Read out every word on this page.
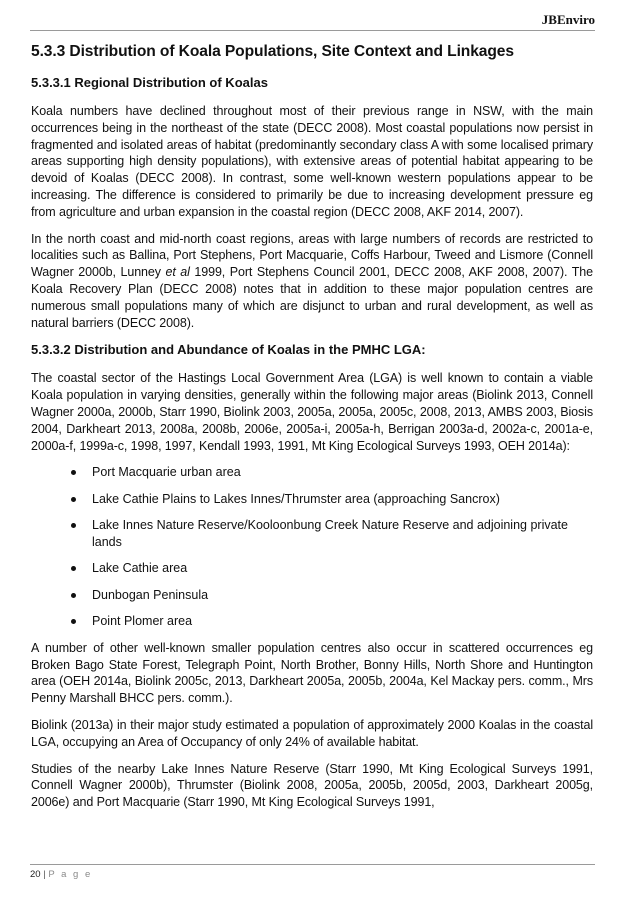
JBEnviro
5.3.3 Distribution of Koala Populations, Site Context and Linkages
5.3.3.1 Regional Distribution of Koalas

Koala numbers have declined throughout most of their previous range in NSW, with the main occurrences being in the northeast of the state (DECC 2008). Most coastal populations now persist in fragmented and isolated areas of habitat (predominantly secondary class A with some localised primary areas supporting high density populations), with extensive areas of potential habitat appearing to be devoid of Koalas (DECC 2008). In contrast, some well-known western populations appear to be increasing. The difference is considered to primarily be due to increasing development pressure eg from agriculture and urban expansion in the coastal region (DECC 2008, AKF 2014, 2007).

In the north coast and mid-north coast regions, areas with large numbers of records are restricted to localities such as Ballina, Port Stephens, Port Macquarie, Coffs Harbour, Tweed and Lismore (Connell Wagner 2000b, Lunney et al 1999, Port Stephens Council 2001, DECC 2008, AKF 2008, 2007). The Koala Recovery Plan (DECC 2008) notes that in addition to these major population centres are numerous small populations many of which are disjunct to urban and rural development, as well as natural barriers (DECC 2008).

5.3.3.2 Distribution and Abundance of Koalas in the PMHC LGA:

The coastal sector of the Hastings Local Government Area (LGA) is well known to contain a viable Koala population in varying densities, generally within the following major areas (Biolink 2013, Connell Wagner 2000a, 2000b, Starr 1990, Biolink 2003, 2005a, 2005a, 2005c, 2008, 2013, AMBS 2003, Biosis 2004, Darkheart 2013, 2008a, 2008b, 2006e, 2005a-i, 2005a-h, Berrigan 2003a-d, 2002a-c, 2001a-e, 2000a-f, 1999a-c, 1998, 1997, Kendall 1993, 1991, Mt King Ecological Surveys 1993, OEH 2014a):

Port Macquarie urban area
Lake Cathie Plains to Lakes Innes/Thrumster area (approaching Sancrox)
Lake Innes Nature Reserve/Kooloonbung Creek Nature Reserve and adjoining private lands
Lake Cathie area
Dunbogan Peninsula
Point Plomer area

A number of other well-known smaller population centres also occur in scattered occurrences eg Broken Bago State Forest, Telegraph Point, North Brother, Bonny Hills, North Shore and Huntington area (OEH 2014a, Biolink 2005c, 2013, Darkheart 2005a, 2005b, 2004a, Kel Mackay pers. comm., Mrs Penny Marshall BHCC pers. comm.).

Biolink (2013a) in their major study estimated a population of approximately 2000 Koalas in the coastal LGA, occupying an Area of Occupancy of only 24% of available habitat.

Studies of the nearby Lake Innes Nature Reserve (Starr 1990, Mt King Ecological Surveys 1991, Connell Wagner 2000b), Thrumster (Biolink 2008, 2005a, 2005b, 2005d, 2003, Darkheart 2005g, 2006e) and Port Macquarie (Starr 1990, Mt King Ecological Surveys 1991,

20 | P a g e
